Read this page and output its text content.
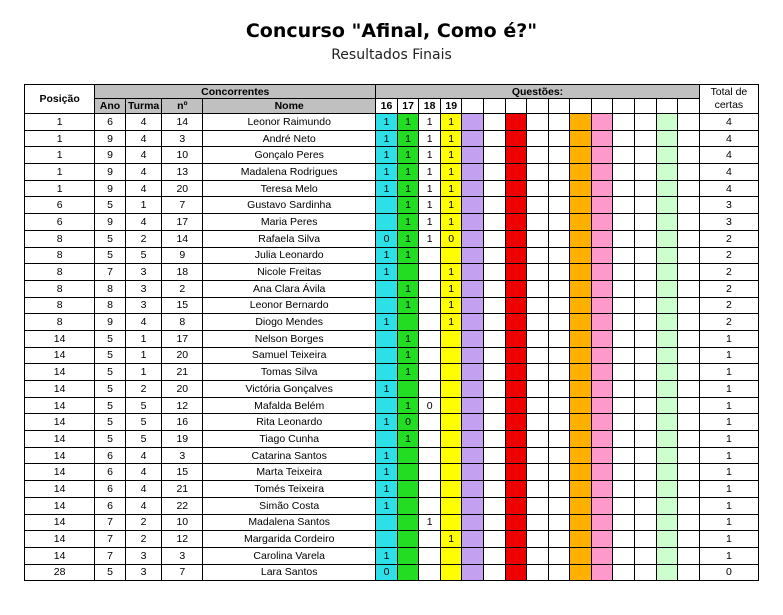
Concurso "Afinal, Como é?"
Resultados Finais
Posição	Concorrentes				Questões:															Total de certas
	Ano	Turma	nº	Nome	16	17	18	19												
1	6	4	14	Leonor Raimundo	1	1	1	1												4
1	9	4	3	André Neto	1	1	1	1												4
1	9	4	10	Gonçalo Peres	1	1	1	1												4
1	9	4	13	Madalena Rodrigues	1	1	1	1												4
1	9	4	20	Teresa Melo	1	1	1	1												4
6	5	1	7	Gustavo Sardinha		1	1	1												3
6	9	4	17	Maria Peres		1	1	1												3
8	5	2	14	Rafaela Silva	0	1	1	0												2
8	5	5	9	Julia Leonardo	1	1														2
8	7	3	18	Nicole Freitas	1			1												2
8	8	3	2	Ana Clara Ávila		1		1												2
8	8	3	15	Leonor Bernardo		1		1												2
8	9	4	8	Diogo Mendes	1			1												2
14	5	1	17	Nelson Borges		1														1
14	5	1	20	Samuel Teixeira		1														1
14	5	1	21	Tomas Silva		1														1
14	5	2	20	Victória Gonçalves	1															1
14	5	5	12	Mafalda Belém		1	0													1
14	5	5	16	Rita Leonardo	1	0														1
14	5	5	19	Tiago Cunha		1														1
14	6	4	3	Catarina Santos	1															1
14	6	4	15	Marta Teixeira	1															1
14	6	4	21	Tomés Teixeira	1															1
14	6	4	22	Simão Costa	1															1
14	7	2	10	Madalena Santos			1													1
14	7	2	12	Margarida Cordeiro				1												1
14	7	3	3	Carolina Varela	1															1
28	5	3	7	Lara Santos	0															0
